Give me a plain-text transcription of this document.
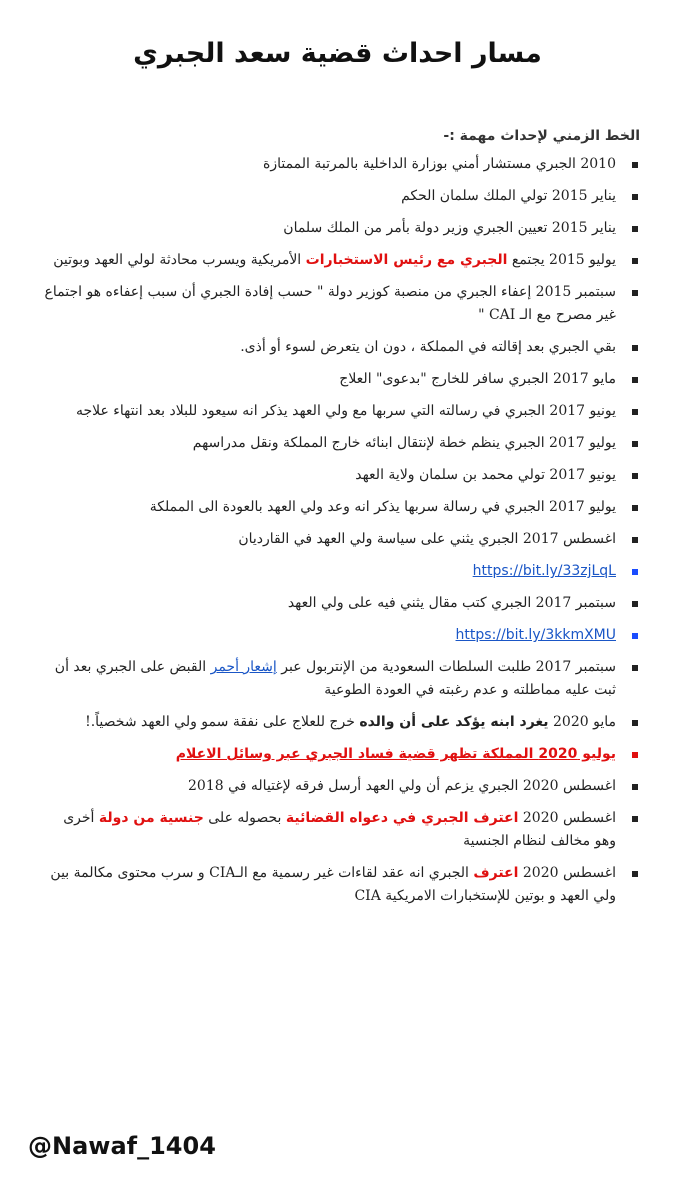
مسار احداث قضية سعد الجبري
الخط الزمني لإحداث مهمة :-
2010 الجبري مستشار أمني بوزارة الداخلية بالمرتبة الممتازة
يناير 2015 تولي الملك سلمان الحكم
يناير 2015 تعيين الجبري وزير دولة بأمر من الملك سلمان
يوليو 2015 يجتمع الجبري مع رئيس الاستخبارات الأمريكية ويسرب محادثة لولي العهد وبوتين
سبتمبر 2015 إعفاء الجبري من منصبة كوزير دولة " حسب إفادة الجبري أن سبب إعفاءه هو اجتماع غير مصرح مع الـ CAI "
بقي الجبري بعد إقالته في المملكة ، دون ان يتعرض لسوء أو أذى.
مايو 2017 الجبري سافر للخارج "بدعوى" العلاج
يونيو 2017 الجبري في رسالته التي سربها مع ولي العهد يذكر انه سيعود للبلاد بعد انتهاء علاجه
يوليو 2017 الجبري ينظم خطة لإنتقال ابنائه خارج المملكة ونقل مدراسهم
يونيو 2017 تولي محمد بن سلمان ولاية العهد
يوليو 2017 الجبري في رسالة سربها يذكر انه وعد ولي العهد بالعودة الى المملكة
اغسطس 2017 الجبري يثني على سياسة ولي العهد في القارديان
https://bit.ly/33zjLqL
سبتمبر 2017 الجبري كتب مقال يثني فيه على ولي العهد
https://bit.ly/3kkmXMU
سبتمبر 2017 طلبت السلطات السعودية من الإنتربول عبر إشعار أحمر القبض على الجبري بعد أن ثبت عليه مماطلته و عدم رغبته في العودة الطوعية
مايو 2020 يغرد ابنه يؤكد على أن والده خرج للعلاج على نفقة سمو ولي العهد شخصياً.!
يوليو 2020 المملكة تظهر قضية فساد الجبري عبر وسائل الاعلام
اغسطس 2020 الجبري يزعم أن ولي العهد أرسل فرقه لإغتياله في 2018
اغسطس 2020 اعترف الجبري في دعواه القضائية بحصوله على جنسية من دولة أخرى وهو مخالف لنظام الجنسية
اغسطس 2020 اعترف الجبري انه عقد لقاءات غير رسمية مع الـCIA و سرب محتوى مكالمة بين ولي العهد و بوتين للإستخبارات الامريكية CIA
@Nawaf_1404
